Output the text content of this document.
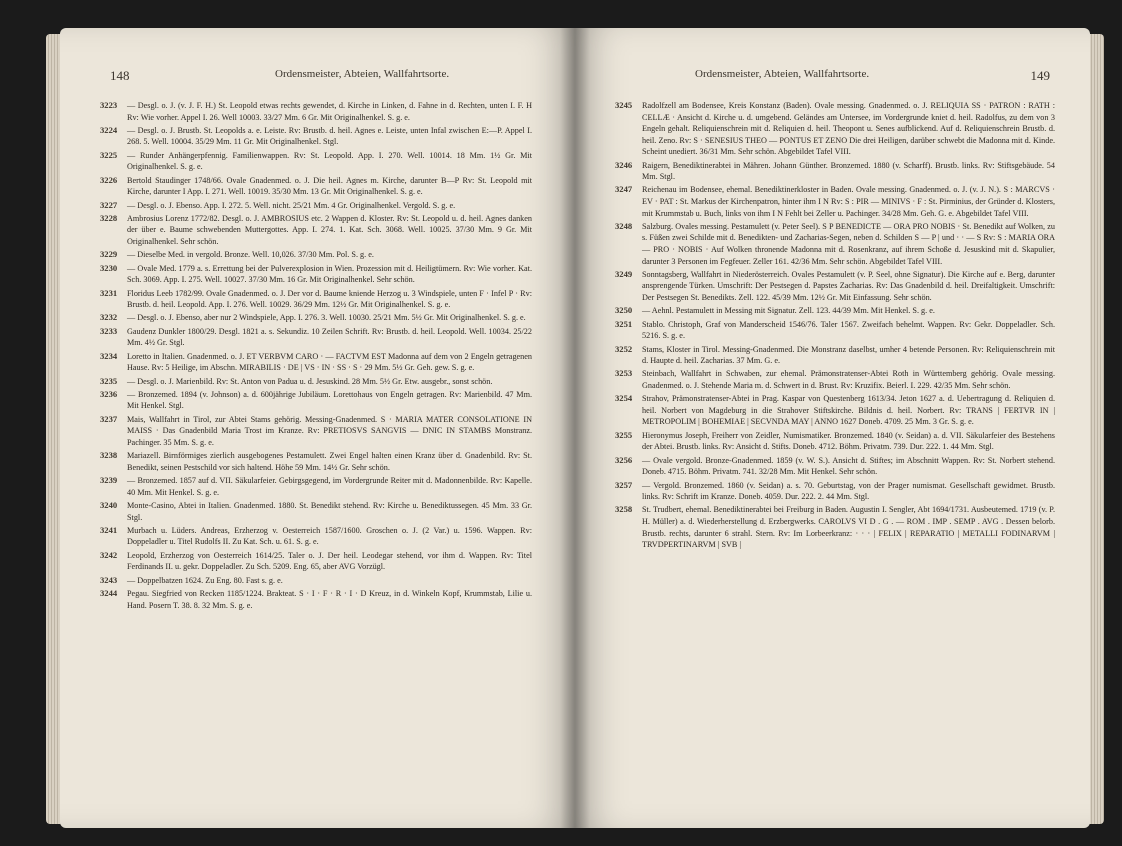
148	Ordensmeister, Abteien, Wallfahrtsorte.
3223	— Desgl. o. J. (v. J. F. H.) St. Leopold etwas rechts gewendet, d. Kirche in Linken, d. Fahne in d. Rechten, unten I. F. H Rv: Wie vorher. Appel I. 26. Well 10003. 33/27 Mm. 6 Gr. Mit Originalhenkel. S. g. e.
3224	— Desgl. o. J. Brustb. St. Leopolds a. e. Leiste. Rv: Brustb. d. heil. Agnes e. Leiste, unten Infal zwischen E:—P. Appel I. 268. 5. Well. 10004. 35/29 Mm. 11 Gr. Mit Originalhenkel. Stgl.
3225	— Runder Anhängerpfennig. Familienwappen. Rv: St. Leopold. App. I. 270. Well. 10014. 18 Mm. 1½ Gr. Mit Originalhenkel. S. g. e.
3226	Bertold Staudinger 1748/66. Ovale Gnadenmed. o. J. Die heil. Agnes m. Kirche, darunter B—P Rv: St. Leopold mit Kirche, darunter I App. I. 271. Well. 10019. 35/30 Mm. 13 Gr. Mit Originalhenkel. S. g. e.
3227	— Desgl. o. J. Ebenso. App. I. 272. 5. Well. nicht. 25/21 Mm. 4 Gr. Originalhenkel. Vergold. S. g. e.
3228	Ambrosius Lorenz 1772/82. Desgl. o. J. AMBROSIUS etc. 2 Wappen d. Kloster. Rv: St. Leopold u. d. heil. Agnes danken der über e. Baume schwebenden Muttergottes. App. I. 274. 1. Kat. Sch. 3068. Well. 10025. 37/30 Mm. 9 Gr. Mit Originalhenkel. Sehr schön.
3229	— Dieselbe Med. in vergold. Bronze. Well. 10,026. 37/30 Mm. Pol. S. g. e.
3230	— Ovale Med. 1779 a. s. Errettung bei der Pulverexplosion in Wien. Prozession mit d. Heiligtümern. Rv: Wie vorher. Kat. Sch. 3069. App. I. 275. Well. 10027. 37/30 Mm. 16 Gr. Mit Originalhenkel. Sehr schön.
3231	Floridus Leeb 1782/99. Ovale Gnadenmed. o. J. Der vor d. Baume kniende Herzog u. 3 Windspiele, unten F · Infel P · Rv: Brustb. d. heil. Leopold. App. I. 276. Well. 10029. 36/29 Mm. 12½ Gr. Mit Originalhenkel. S. g. e.
3232	— Desgl. o. J. Ebenso, aber nur 2 Windspiele, App. I. 276. 3. Well. 10030. 25/21 Mm. 5½ Gr. Mit Originalhenkel. S. g. e.
3233	Gaudenz Dunkler 1800/29. Desgl. 1821 a. s. Sekundiz. 10 Zeilen Schrift. Rv: Brustb. d. heil. Leopold. Well. 10034. 25/22 Mm. 4½ Gr. Stgl.
3234	Loretto in Italien. Gnadenmed. o. J. ET VERBVM CARO · — FACTVM EST Madonna auf dem von 2 Engeln getragenen Hause. Rv: 5 Heilige, im Abschn. MIRABILIS · DE | VS · IN · SS · S · 29 Mm. 5½ Gr. Geh. gew. S. g. e.
3235	— Desgl. o. J. Marienbild. Rv: St. Anton von Padua u. d. Jesuskind. 28 Mm. 5½ Gr. Etw. ausgebr., sonst schön.
3236	— Bronzemed. 1894 (v. Johnson) a. d. 600jährige Jubiläum. Lorettohaus von Engeln getragen. Rv: Marienbild. 47 Mm. Mit Henkel. Stgl.
3237	Mais, Wallfahrt in Tirol, zur Abtei Stams gehörig. Messing-Gnadenmed. S · MARIA MATER CONSOLATIONE IN MAISS · Das Gnadenbild Maria Trost im Kranze. Rv: PRETIOSVS SANGVIS — DNIC IN STAMBS Monstranz. Pachinger. 35 Mm. S. g. e.
3238	Mariazell. Birnförmiges zierlich ausgebogenes Pestamulett. Zwei Engel halten einen Kranz über d. Gnadenbild. Rv: St. Benedikt, seinen Pestschild vor sich haltend. Höhe 59 Mm. 14½ Gr. Sehr schön.
3239	— Bronzemed. 1857 auf d. VII. Säkularfeier. Gebirgsgegend, im Vordergrunde Reiter mit d. Madonnenbilde. Rv: Kapelle. 40 Mm. Mit Henkel. S. g. e.
3240	Monte-Casino, Abtei in Italien. Gnadenmed. 1880. St. Benedikt stehend. Rv: Kirche u. Benediktussegen. 45 Mm. 33 Gr. Stgl.
3241	Murbach u. Lüders. Andreas, Erzherzog v. Oesterreich 1587/1600. Groschen o. J. (2 Var.) u. 1596. Wappen. Rv: Doppeladler u. Titel Rudolfs II. Zu Kat. Sch. u. 61. S. g. e.
3242	Leopold, Erzherzog von Oesterreich 1614/25. Taler o. J. Der heil. Leodegar stehend, vor ihm d. Wappen. Rv: Titel Ferdinands II. u. gekr. Doppeladler. Zu Sch. 5209. Eng. 65, aber AVG Vorzügl.
3243	— Doppelbatzen 1624. Zu Eng. 80. Fast s. g. e.
3244	Pegau. Siegfried von Recken 1185/1224. Brakteat. S · I · F · R · I · D Kreuz, in d. Winkeln Kopf, Krummstab, Lilie u. Hand. Posern T. 38. 8. 32 Mm. S. g. e.
Ordensmeister, Abteien, Wallfahrtsorte.	149
3245	Radolfzell am Bodensee, Kreis Konstanz (Baden). Ovale messing. Gnadenmed. o. J. RELIQUIA SS · PATRON : RATH : CELLÆ · Ansicht d. Kirche u. d. umgebend. Geländes am Untersee, im Vordergrunde kniet d. heil. Radolfus, zu dem von 3 Engeln gehalt. Reliquienschrein mit d. Reliquien d. heil. Theopont u. Senes aufblickend. Auf d. Reliquienschrein Brustb. d. heil. Zeno. Rv: S · SENESIUS THEO — PONTUS ET ZENO Die drei Heiligen, darüber schwebt die Madonna mit d. Kinde. Scheint unediert. 36/31 Mm. Sehr schön. Abgebildet Tafel VIII.
3246	Raigern, Benediktinerabtei in Mähren. Johann Günther. Bronzemed. 1880 (v. Scharff). Brustb. links. Rv: Stiftsgebäude. 54 Mm. Stgl.
3247	Reichenau im Bodensee, ehemal. Benediktinerkloster in Baden. Ovale messing. Gnadenmed. o. J. (v. J. N.). S : MARCVS · EV · PAT : St. Markus der Kirchenpatron, hinter ihm I N Rv: S : PIR — MINIVS · F : St. Pirminius, der Gründer d. Klosters, mit Krummstab u. Buch, links von ihm I N Fehlt bei Zeller u. Pachinger. 34/28 Mm. Geh. G. e. Abgebildet Tafel VIII.
3248	Salzburg. Ovales messing. Pestamulett (v. Peter Seel). S P BENEDICTE — ORA PRO NOBIS · St. Benedikt auf Wolken, zu s. Füßen zwei Schilde mit d. Benedikten- und Zacharias-Segen, neben d. Schilden S — P | und · · — S Rv: S : MARIA ORA — PRO · NOBIS · Auf Wolken thronende Madonna mit d. Rosenkranz, auf ihrem Schoße d. Jesuskind mit d. Skapulier, darunter 3 Personen im Fegfeuer. Zeller 161. 42/36 Mm. Sehr schön. Abgebildet Tafel VIII.
3249	Sonntagsberg, Wallfahrt in Niederösterreich. Ovales Pestamulett (v. P. Seel, ohne Signatur). Die Kirche auf e. Berg, darunter ansprengende Türken. Umschrift: Der Pestsegen d. Papstes Zacharias. Rv: Das Gnadenbild d. heil. Dreifaltigkeit. Umschrift: Der Pestsegen St. Benedikts. Zell. 122. 45/39 Mm. 12½ Gr. Mit Einfassung. Sehr schön.
3250	— Aehnl. Pestamulett in Messing mit Signatur. Zell. 123. 44/39 Mm. Mit Henkel. S. g. e.
3251	Stablo. Christoph, Graf von Manderscheid 1546/76. Taler 1567. Zweifach behelmt. Wappen. Rv: Gekr. Doppeladler. Sch. 5216. S. g. e.
3252	Stams, Kloster in Tirol. Messing-Gnadenmed. Die Monstranz daselbst, umher 4 betende Personen. Rv: Reliquienschrein mit d. Haupte d. heil. Zacharias. 37 Mm. G. e.
3253	Steinbach, Wallfahrt in Schwaben, zur ehemal. Prämonstratenser-Abtei Roth in Württemberg gehörig. Ovale messing. Gnadenmed. o. J. Stehende Maria m. d. Schwert in d. Brust. Rv: Kruzifix. Beierl. I. 229. 42/35 Mm. Sehr schön.
3254	Strahov, Prämonstratenser-Abtei in Prag. Kaspar von Questenberg 1613/34. Jeton 1627 a. d. Uebertragung d. Reliquien d. heil. Norbert von Magdeburg in die Strahover Stiftskirche. Bildnis d. heil. Norbert. Rv: TRANS | FERTVR IN | METROPOLIM | BOHEMIAE | SECVNDA MAY | ANNO 1627 Doneb. 4709. 25 Mm. 3 Gr. S. g. e.
3255	Hieronymus Joseph, Freiherr von Zeidler, Numismatiker. Bronzemed. 1840 (v. Seidan) a. d. VII. Säkularfeier des Bestehens der Abtei. Brustb. links. Rv: Ansicht d. Stifts. Doneb. 4712. Böhm. Privatm. 739. Dur. 222. 1. 44 Mm. Stgl.
3256	— Ovale vergold. Bronze-Gnadenmed. 1859 (v. W. S.). Ansicht d. Stiftes; im Abschnitt Wappen. Rv: St. Norbert stehend. Doneb. 4715. Böhm. Privatm. 741. 32/28 Mm. Mit Henkel. Sehr schön.
3257	— Vergold. Bronzemed. 1860 (v. Seidan) a. s. 70. Geburtstag, von der Prager numismat. Gesellschaft gewidmet. Brustb. links. Rv: Schrift im Kranze. Doneb. 4059. Dur. 222. 2. 44 Mm. Stgl.
3258	St. Trudbert, ehemal. Benediktinerabtei bei Freiburg in Baden. Augustin I. Sengler, Abt 1694/1731. Ausbeutemed. 1719 (v. P. H. Müller) a. d. Wiederherstellung d. Erzbergwerks. CAROLVS VI D . G . — ROM . IMP . SEMP . AVG . Dessen belorb. Brustb. rechts, darunter 6 strahl. Stern. Rv: Im Lorbeerkranz: · · · | FELIX | REPARATIO | METALLI FODINARVM | TRVDPERTINARVM | SVB |
